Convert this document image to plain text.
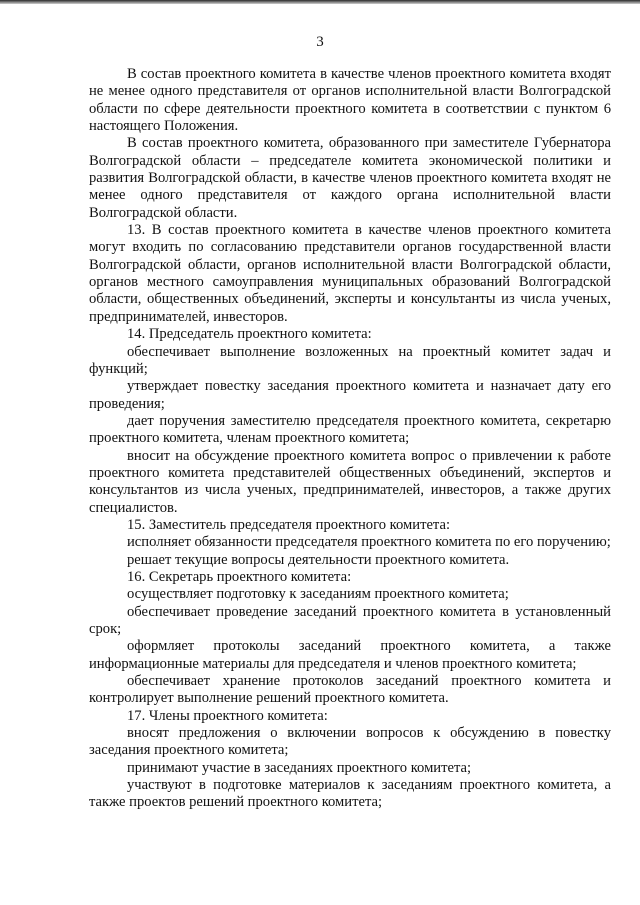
3

В состав проектного комитета в качестве членов проектного комитета входят не менее одного представителя от органов исполнительной власти Волгоградской области по сфере деятельности проектного комитета в соответствии с пунктом 6 настоящего Положения.

В состав проектного комитета, образованного при заместителе Губернатора Волгоградской области – председателе комитета экономической политики и развития Волгоградской области, в качестве членов проектного комитета входят не менее одного представителя от каждого органа исполнительной власти Волгоградской области.

13. В состав проектного комитета в качестве членов проектного комитета могут входить по согласованию представители органов государственной власти Волгоградской области, органов исполнительной власти Волгоградской области, органов местного самоуправления муниципальных образований Волгоградской области, общественных объединений, эксперты и консультанты из числа ученых, предпринимателей, инвесторов.

14. Председатель проектного комитета:

обеспечивает выполнение возложенных на проектный комитет задач и функций;

утверждает повестку заседания проектного комитета и назначает дату его проведения;

дает поручения заместителю председателя проектного комитета, секретарю проектного комитета, членам проектного комитета;

вносит на обсуждение проектного комитета вопрос о привлечении к работе проектного комитета представителей общественных объединений, экспертов и консультантов из числа ученых, предпринимателей, инвесторов, а также других специалистов.

15. Заместитель председателя проектного комитета:

исполняет обязанности председателя проектного комитета по его поручению;

решает текущие вопросы деятельности проектного комитета.

16. Секретарь проектного комитета:

осуществляет подготовку к заседаниям проектного комитета;

обеспечивает проведение заседаний проектного комитета в установленный срок;

оформляет протоколы заседаний проектного комитета, а также информационные материалы для председателя и членов проектного комитета;

обеспечивает хранение протоколов заседаний проектного комитета и контролирует выполнение решений проектного комитета.

17. Члены проектного комитета:

вносят предложения о включении вопросов к обсуждению в повестку заседания проектного комитета;

принимают участие в заседаниях проектного комитета;

участвуют в подготовке материалов к заседаниям проектного комитета, а также проектов решений проектного комитета;
